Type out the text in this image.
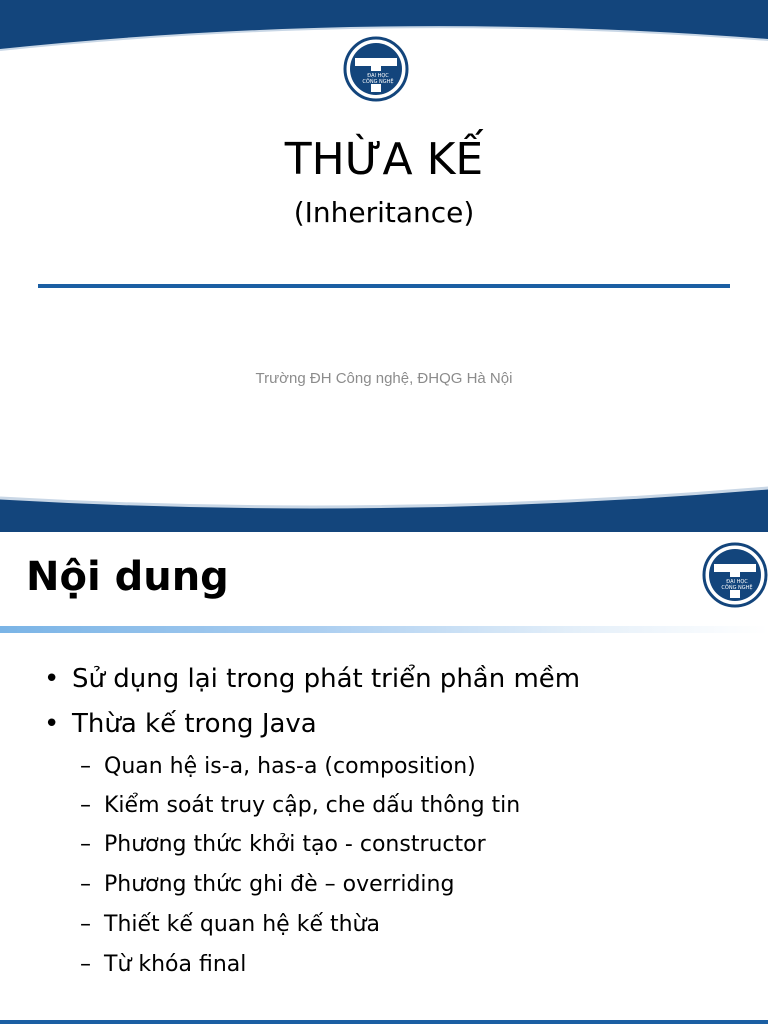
ĐẠI HỌC
CÔNG NGHỆ
THỪA KẾ
(Inheritance)
Trường ĐH Công nghệ, ĐHQG Hà Nội
ĐẠI HỌC
CÔNG NGHỆ
Nội dung
• Sử dụng lại trong phát triển phần mềm
• Thừa kế trong Java
– Quan hệ is-a, has-a (composition)
– Kiểm soát truy cập, che dấu thông tin
– Phương thức khởi tạo - constructor
– Phương thức ghi đè – overriding
– Thiết kế quan hệ kế thừa
– Từ khóa final
